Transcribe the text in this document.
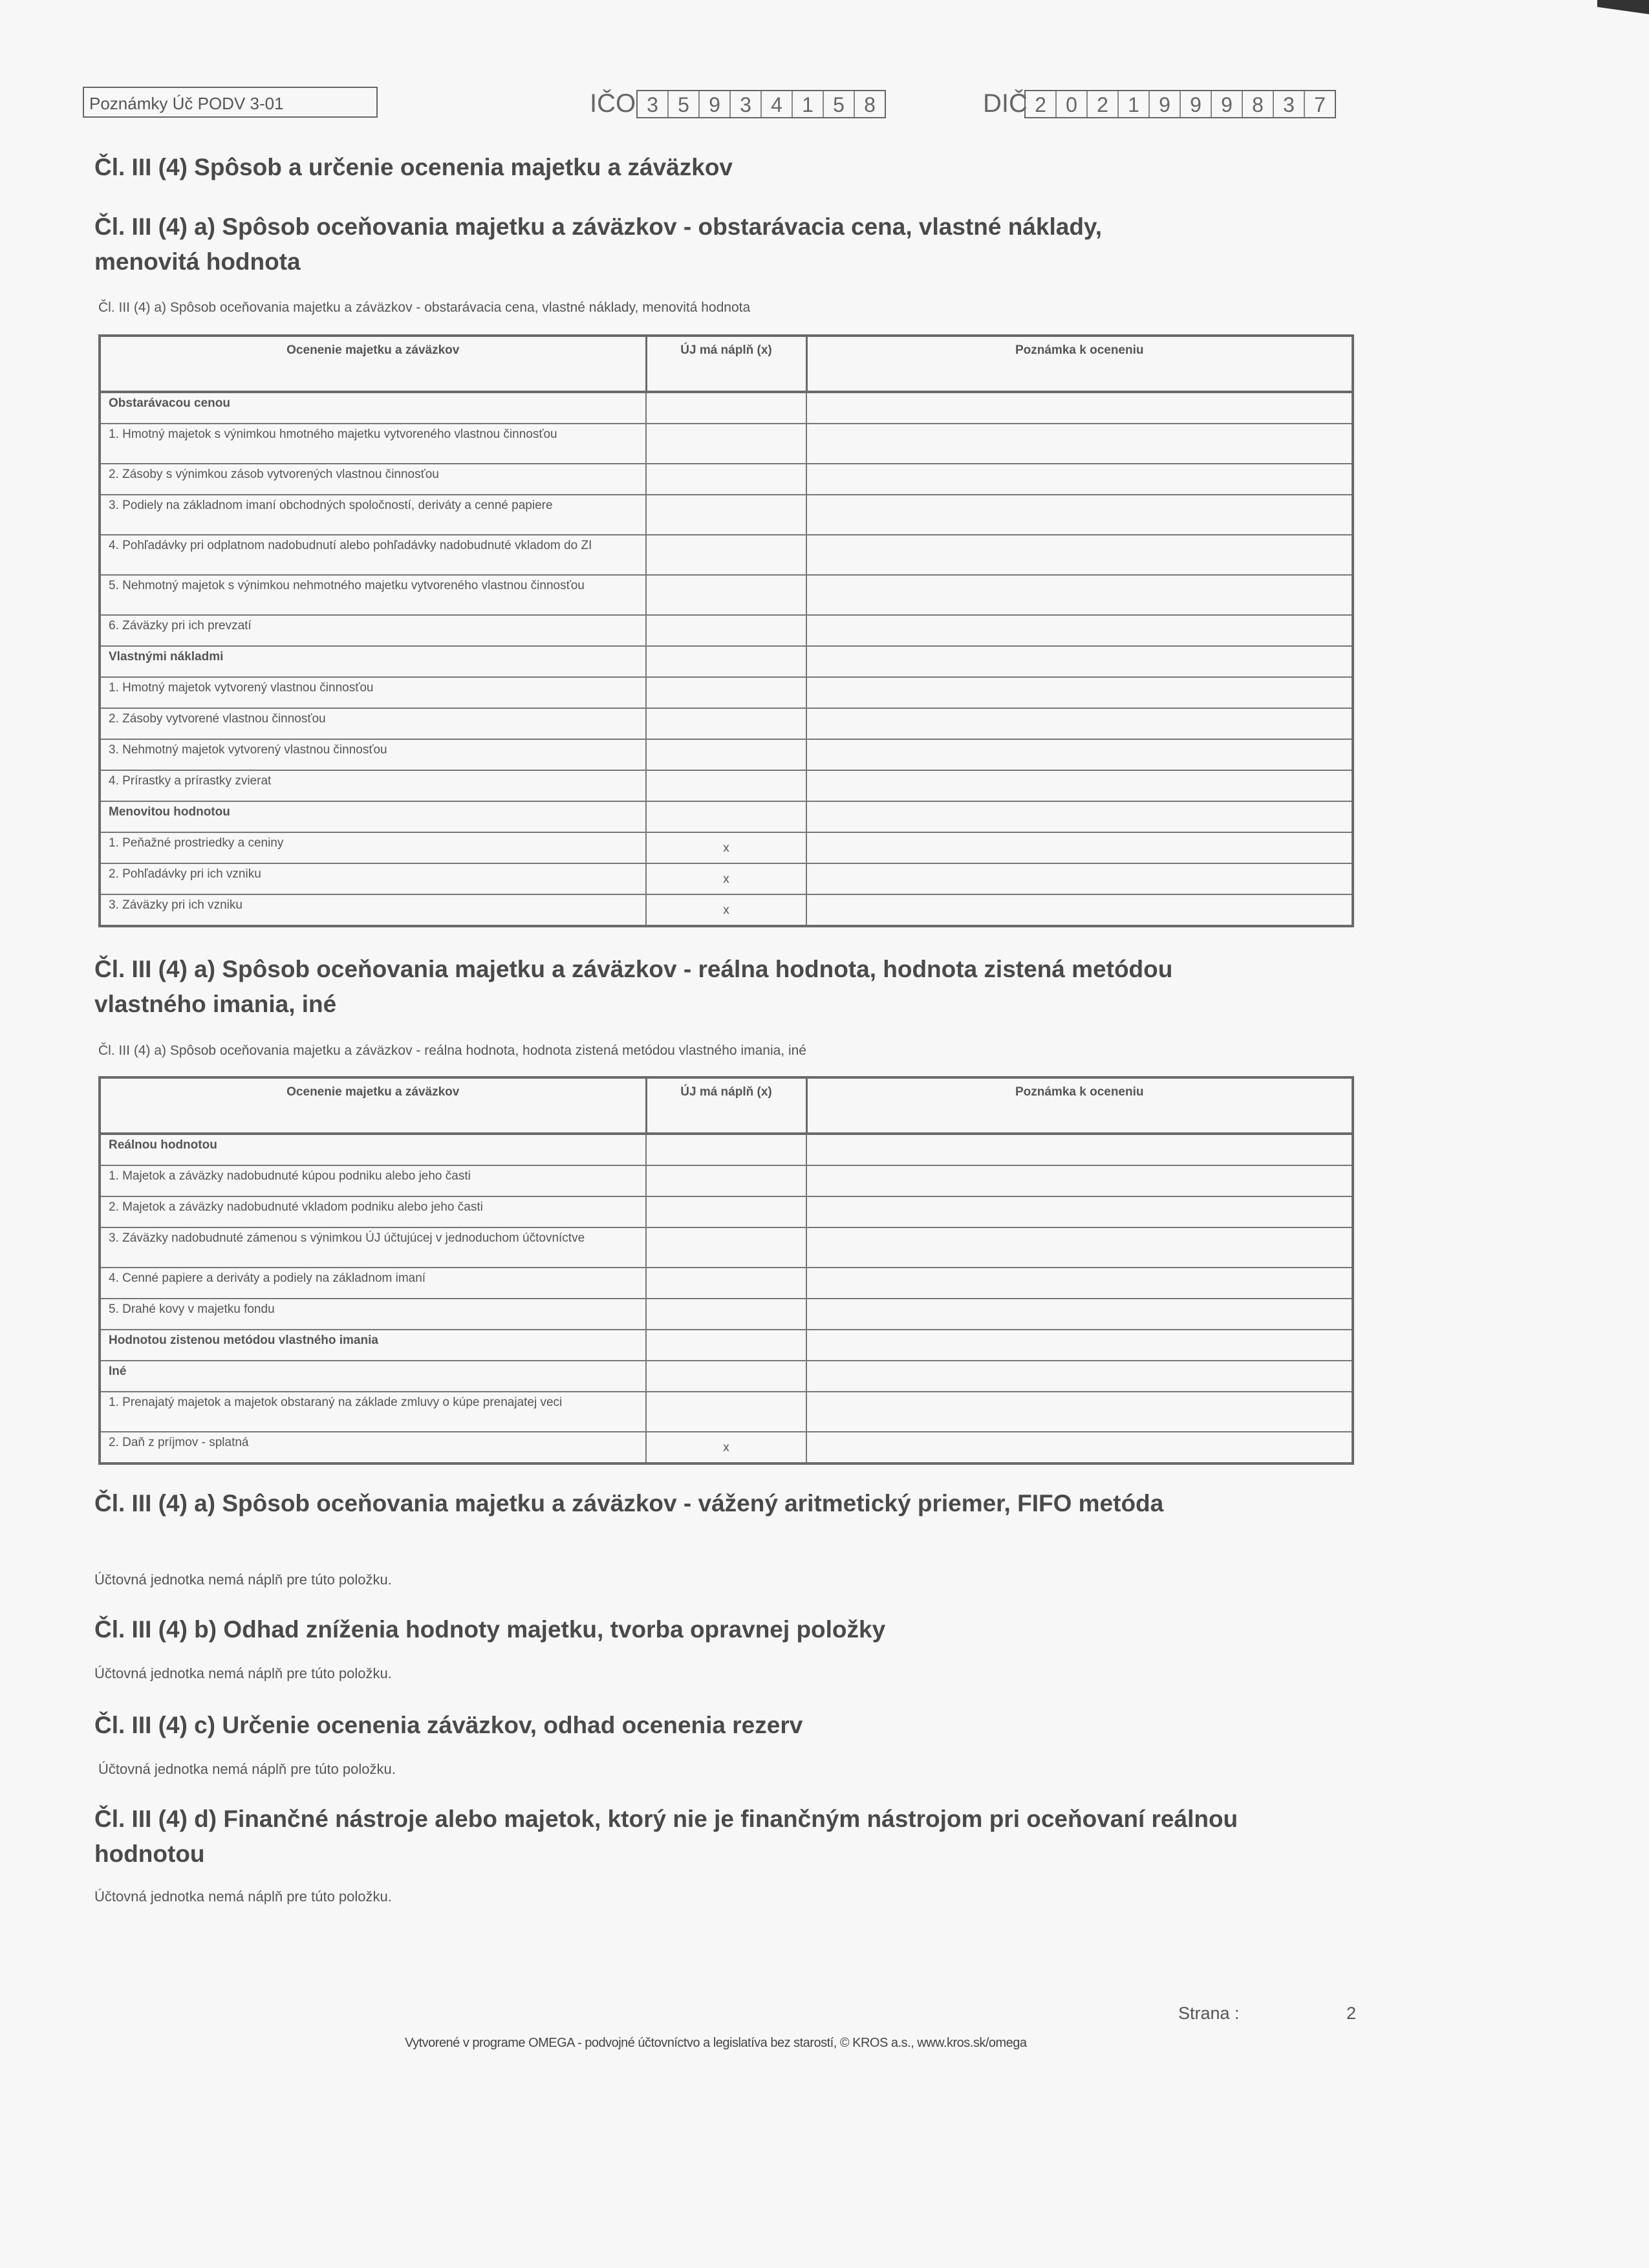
Poznámky Úč PODV 3-01	IČO 3 5 9 3 4 1 5 8	DIČ 2 0 2 1 9 9 9 8 3 7
Čl. III (4) Spôsob a určenie ocenenia majetku a záväzkov
Čl. III (4) a) Spôsob oceňovania majetku a záväzkov - obstarávacia cena, vlastné náklady, menovitá hodnota
Čl. III (4) a) Spôsob oceňovania majetku a záväzkov - obstarávacia cena, vlastné náklady, menovitá hodnota
Ocenenie majetku a záväzkov	ÚJ má náplň (x)	Poznámka k oceneniu
Obstarávacou cenou		
1. Hmotný majetok s výnimkou hmotného majetku vytvoreného vlastnou činnosťou		
2. Zásoby s výnimkou zásob vytvorených vlastnou činnosťou		
3. Podiely na základnom imaní obchodných spoločností, deriváty a cenné papiere		
4. Pohľadávky pri odplatnom nadobudnutí alebo pohľadávky nadobudnuté vkladom do ZI		
5. Nehmotný majetok s výnimkou nehmotného majetku vytvoreného vlastnou činnosťou		
6. Záväzky pri ich prevzatí		
Vlastnými nákladmi		
1. Hmotný majetok vytvorený vlastnou činnosťou		
2. Zásoby vytvorené vlastnou činnosťou		
3. Nehmotný majetok vytvorený vlastnou činnosťou		
4. Prírastky a prírastky zvierat		
Menovitou hodnotou		
1. Peňažné prostriedky a ceniny	x	
2. Pohľadávky pri ich vzniku	x	
3. Záväzky pri ich vzniku	x	
Čl. III (4) a) Spôsob oceňovania majetku a záväzkov - reálna hodnota, hodnota zistená metódou vlastného imania, iné
Čl. III (4) a) Spôsob oceňovania majetku a záväzkov - reálna hodnota, hodnota zistená metódou vlastného imania, iné
Ocenenie majetku a záväzkov	ÚJ má náplň (x)	Poznámka k oceneniu
Reálnou hodnotou		
1. Majetok a záväzky nadobudnuté kúpou podniku alebo jeho časti		
2. Majetok a záväzky nadobudnuté vkladom podniku alebo jeho časti		
3. Záväzky nadobudnuté zámenou s výnimkou ÚJ účtujúcej v jednoduchom účtovníctve		
4. Cenné papiere a deriváty a podiely na základnom imaní		
5. Drahé kovy v majetku fondu		
Hodnotou zistenou metódou vlastného imania		
Iné		
1. Prenajatý majetok a majetok obstaraný na základe zmluvy o kúpe prenajatej veci		
2. Daň z príjmov - splatná	x	
Čl. III (4) a) Spôsob oceňovania majetku a záväzkov - vážený aritmetický priemer, FIFO metóda
Účtovná jednotka nemá náplň pre túto položku.
Čl. III (4) b) Odhad zníženia hodnoty majetku, tvorba opravnej položky
Účtovná jednotka nemá náplň pre túto položku.
Čl. III (4) c) Určenie ocenenia záväzkov, odhad ocenenia rezerv
Účtovná jednotka nemá náplň pre túto položku.
Čl. III (4) d) Finančné nástroje alebo majetok, ktorý nie je finančným nástrojom pri oceňovaní reálnou hodnotou
Účtovná jednotka nemá náplň pre túto položku.
Strana :	2
Vytvorené v programe OMEGA - podvojné účtovníctvo a legislatíva bez starostí, © KROS a.s., www.kros.sk/omega
